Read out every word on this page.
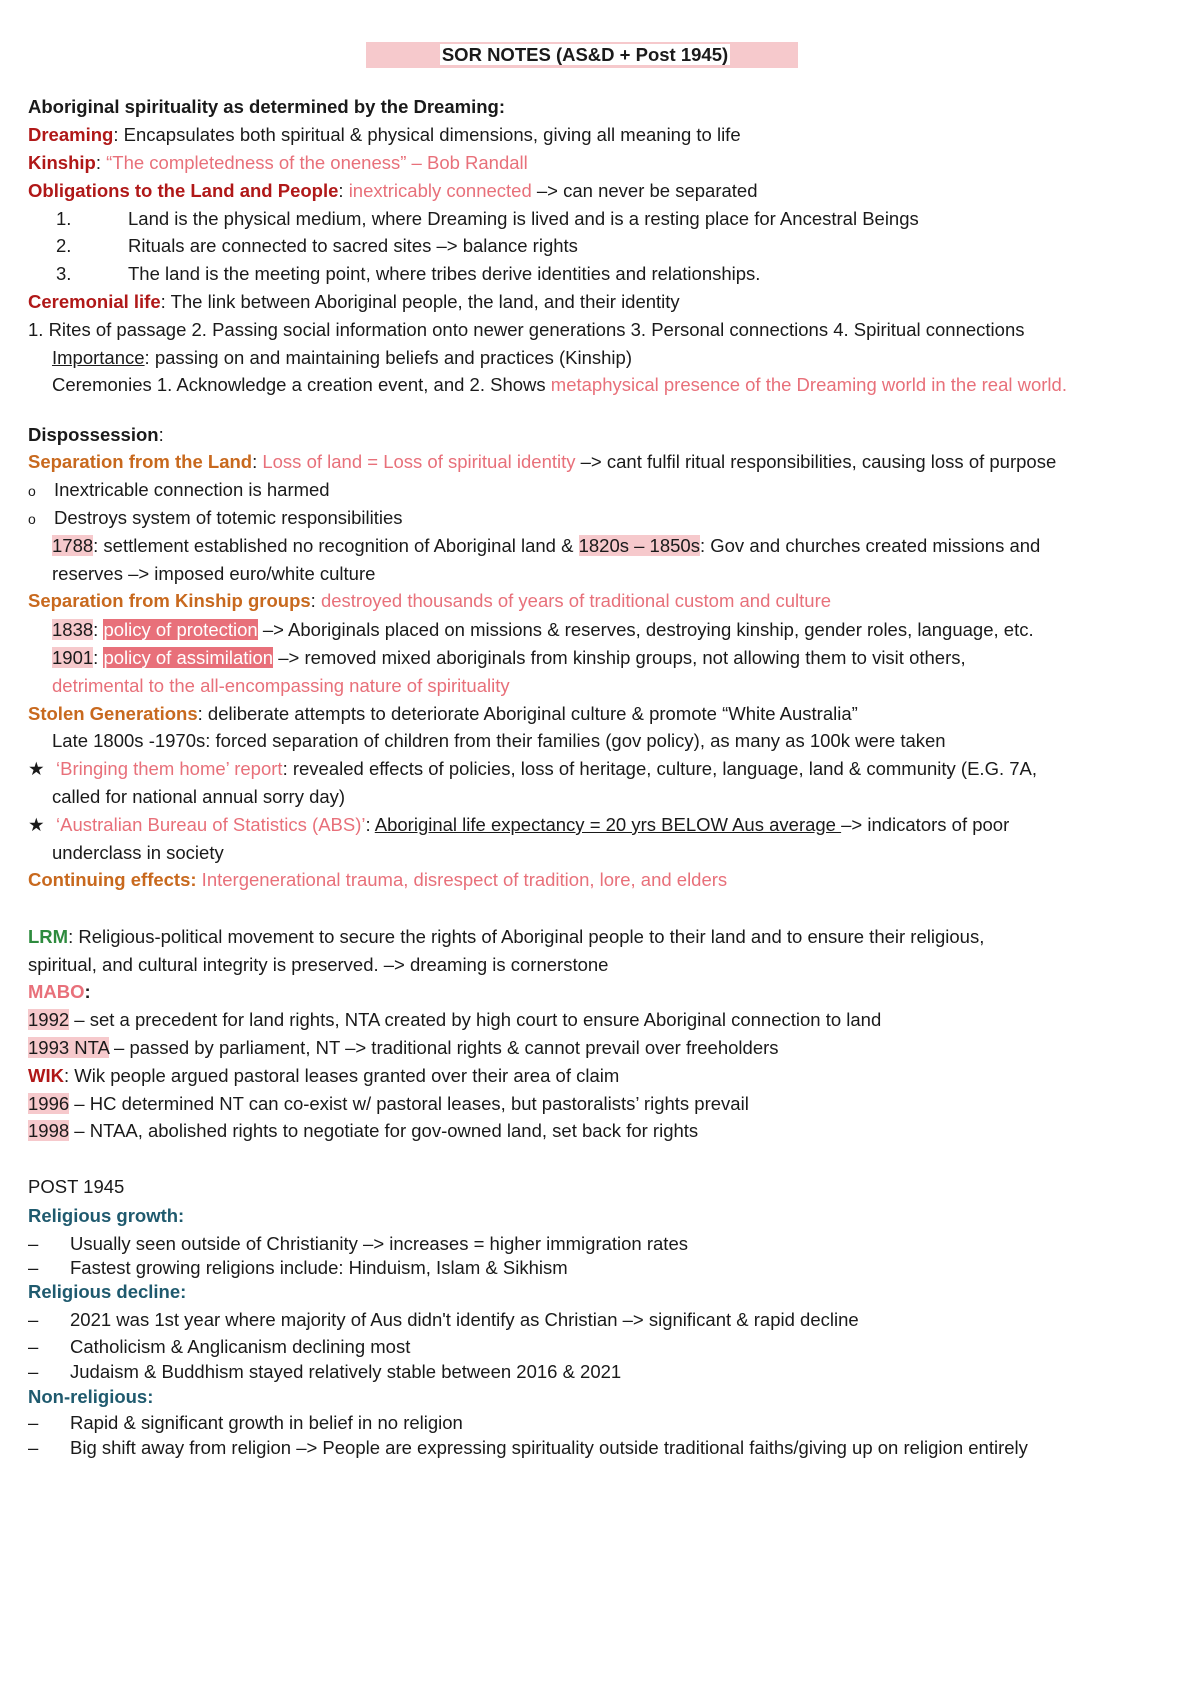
SOR NOTES (AS&D + Post 1945)
Aboriginal spirituality as determined by the Dreaming:
Dreaming: Encapsulates both spiritual & physical dimensions, giving all meaning to life
Kinship: “The completedness of the oneness” – Bob Randall
Obligations to the Land and People: inextricably connected –> can never be separated
1.	Land is the physical medium, where Dreaming is lived and is a resting place for Ancestral Beings
2.	Rituals are connected to sacred sites –> balance rights
3.	The land is the meeting point, where tribes derive identities and relationships.
Ceremonial life: The link between Aboriginal people, the land, and their identity
1. Rites of passage 2. Passing social information onto newer generations 3. Personal connections 4. Spiritual connections
Importance: passing on and maintaining beliefs and practices (Kinship)
Ceremonies 1. Acknowledge a creation event, and 2. Shows metaphysical presence of the Dreaming world in the real world.
Dispossession:
Separation from the Land: Loss of land = Loss of spiritual identity –> cant fulfil ritual responsibilities, causing loss of purpose
o Inextricable connection is harmed
o Destroys system of totemic responsibilities
1788: settlement established no recognition of Aboriginal land & 1820s – 1850s: Gov and churches created missions and
reserves –> imposed euro/white culture
Separation from Kinship groups: destroyed thousands of years of traditional custom and culture
1838: policy of protection –> Aboriginals placed on missions & reserves, destroying kinship, gender roles, language, etc.
1901: policy of assimilation –> removed mixed aboriginals from kinship groups, not allowing them to visit others,
detrimental to the all-encompassing nature of spirituality
Stolen Generations: deliberate attempts to deteriorate Aboriginal culture & promote “White Australia”
Late 1800s -1970s: forced separation of children from their families (gov policy), as many as 100k were taken
★ ‘Bringing them home’ report: revealed effects of policies, loss of heritage, culture, language, land & community (E.G. 7A,
called for national annual sorry day)
★ ‘Australian Bureau of Statistics (ABS)’: Aboriginal life expectancy = 20 yrs BELOW Aus average –> indicators of poor
underclass in society
Continuing effects: Intergenerational trauma, disrespect of tradition, lore, and elders
LRM: Religious-political movement to secure the rights of Aboriginal people to their land and to ensure their religious,
spiritual, and cultural integrity is preserved. –> dreaming is cornerstone
MABO:
1992 – set a precedent for land rights, NTA created by high court to ensure Aboriginal connection to land
1993 NTA – passed by parliament, NT –> traditional rights & cannot prevail over freeholders
WIK: Wik people argued pastoral leases granted over their area of claim
1996 – HC determined NT can co-exist w/ pastoral leases, but pastoralists’ rights prevail
1998 – NTAA, abolished rights to negotiate for gov-owned land, set back for rights
POST 1945
Religious growth:
– Usually seen outside of Christianity –> increases = higher immigration rates
– Fastest growing religions include: Hinduism, Islam & Sikhism
Religious decline:
– 2021 was 1st year where majority of Aus didn't identify as Christian –> significant & rapid decline
– Catholicism & Anglicanism declining most
– Judaism & Buddhism stayed relatively stable between 2016 & 2021
Non-religious:
– Rapid & significant growth in belief in no religion
– Big shift away from religion –> People are expressing spirituality outside traditional faiths/giving up on religion entirely
